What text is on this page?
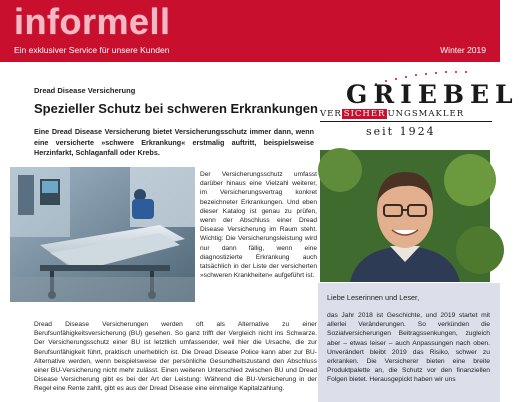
informell
Ein exklusiver Service für unsere Kunden	Winter 2019
Dread Disease Versicherung
Spezieller Schutz bei schweren Erkrankungen
Eine Dread Disease Versicherung bietet Versicherungsschutz immer dann, wenn eine versicherte »schwere Erkrankung« erstmalig auftritt, beispielsweise Herzinfarkt, Schlaganfall oder Krebs.
Der Versicherungsschutz umfasst darüber hinaus eine Vielzahl weiterer, im Versicherungsvertrag konkret bezeichneter Erkrankungen. Und eben dieser Katalog ist genau zu prüfen, wenn der Abschluss einer Dread Disease Versicherung im Raum steht. Wichtig: Die Versicherungsleistung wird nur dann fällig, wenn eine diagnostizierte Erkrankung auch tatsächlich in der Liste der versicherten »schweren Krankheiten« aufgeführt ist.
Dread Disease Versicherungen werden oft als Alternative zu einer Berufsunfähigkeitsversicherung (BU) gesehen. So ganz trifft der Vergleich nicht ins Schwarze. Der Versicherungsschutz einer BU ist letztlich umfassender, weil hier die Ursache, die zur Berufsunfähigkeit führt, praktisch unerheblich ist. Die Dread Disease Police kann aber zur BU-Alternative werden, wenn beispielsweise der persönliche Gesundheitszustand den Abschluss einer BU-Versicherung nicht mehr zulässt. Einen weiteren Unterschied zwischen BU und Dread Disease Versicherung gibt es bei der Art der Leistung: Während die BU-Versicherung in der Regel eine Rente zahlt, gibt es aus der Dread Disease eine einmalige Kapitalzahlung.
GRIEBEL
VER SICHER UNGSMAKLER
seit 1924
Liebe Leserinnen und Leser,
das Jahr 2018 ist Geschichte, und 2019 startet mit allerlei Veränderungen. So verkünden die Sozialversicherungen Beitragssenkungen, zugleich aber – etwas leiser – auch Anpassungen nach oben. Unverändert bleibt 2019 das Risiko, schwer zu erkranken. Die Versicherer bieten eine breite Produktpalette an, die Schutz vor den finanziellen Folgen bietet. Herausgepickt haben wir uns
